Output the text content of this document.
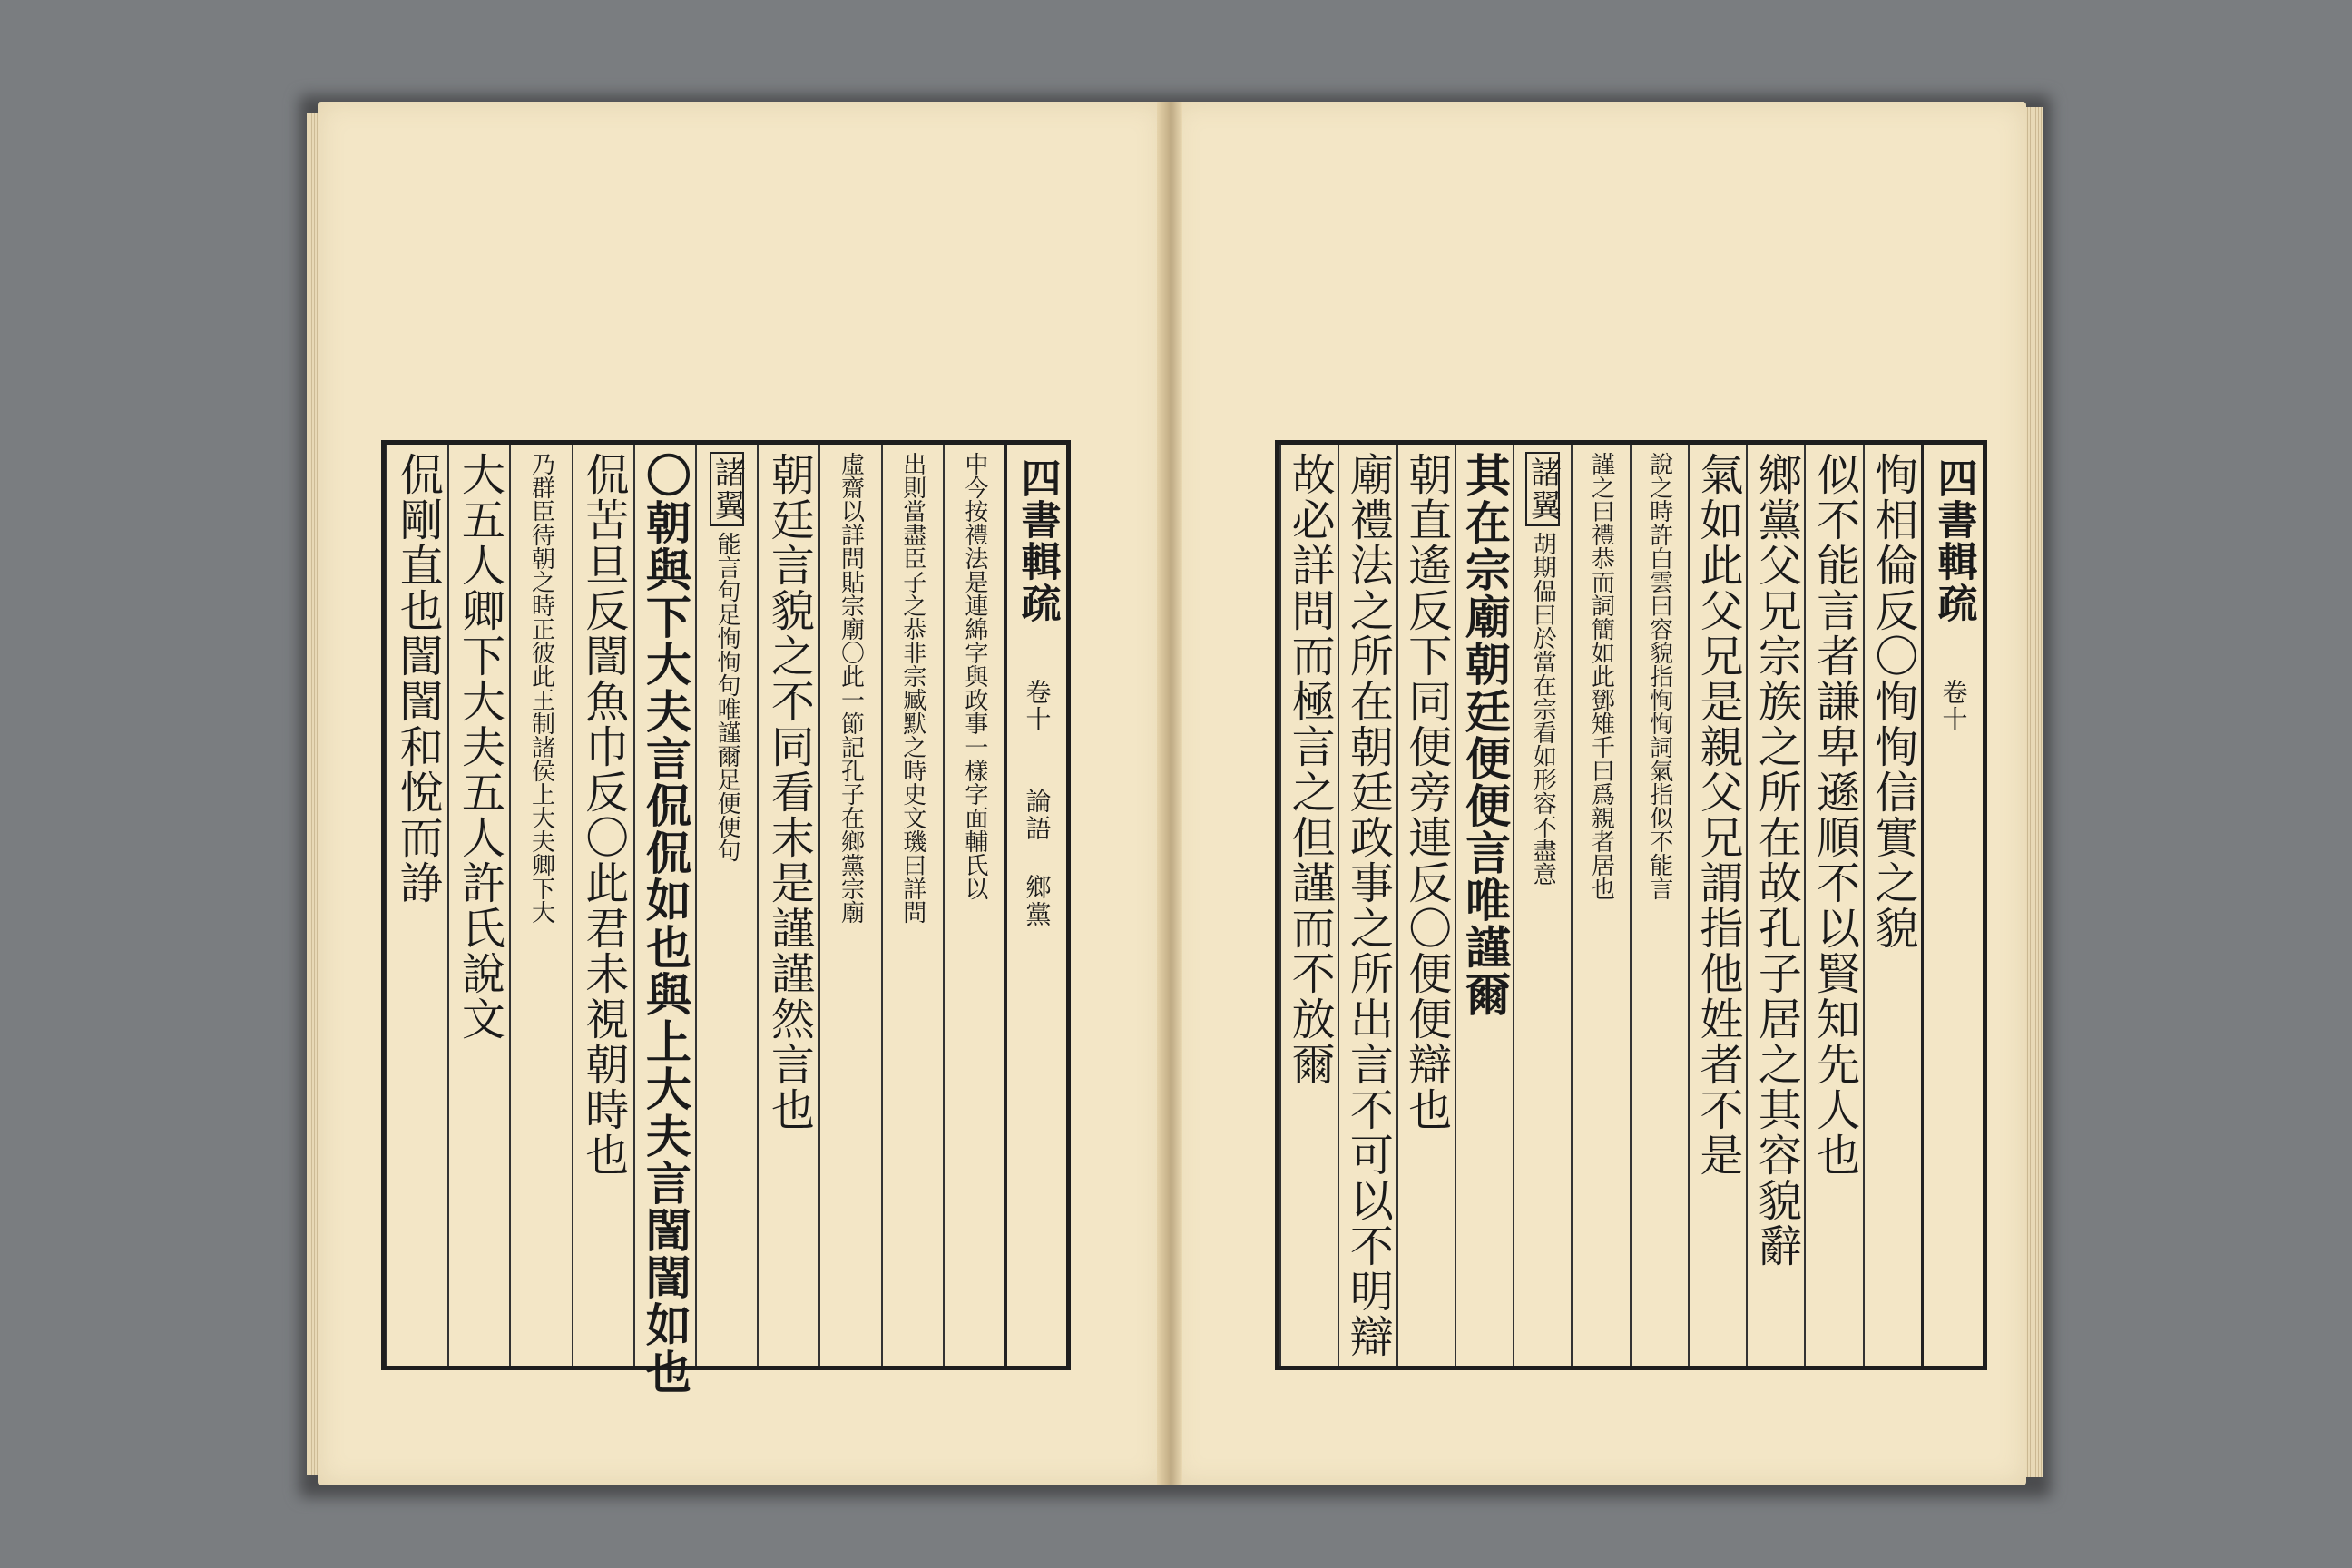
四書輯疏
卷十
論語 鄉黨
中今按禮法是連綿字與政事一樣字面輔氏以
出則當盡臣子之恭非宗臧默之時史文璣曰詳問
虛齋以詳問貼宗廟〇此一節記孔子在鄉黨宗廟
朝廷言貌之不同看末是謹謹然言也
諸翼
能言句足恂恂句唯謹爾足便便句
〇朝與下大夫言侃侃如也與上大夫言誾誾如也
侃苦旦反誾魚巾反〇此君未視朝時也
乃群臣待朝之時正彼此王制諸侯上大夫卿下大
大五人卿下大夫五人許氏說文
侃剛直也誾誾和悅而諍	四書輯疏
卷十
恂相倫反〇恂恂信實之貌
似不能言者謙卑遜順不以賢知先人也
鄉黨父兄宗族之所在故孔子居之其容貌辭
氣如此父兄是親父兄謂指他姓者不是
說之時許白雲曰容貌指恂恂詞氣指似不能言
謹之曰禮恭而詞簡如此鄧雉千曰爲親者居也
諸翼
胡期偘曰於當在宗看如形容不盡意
其在宗廟朝廷便便言唯謹爾
朝直遙反下同便旁連反〇便便辯也
廟禮法之所在朝廷政事之所出言不可以不明辯
故必詳問而極言之但謹而不放爾
